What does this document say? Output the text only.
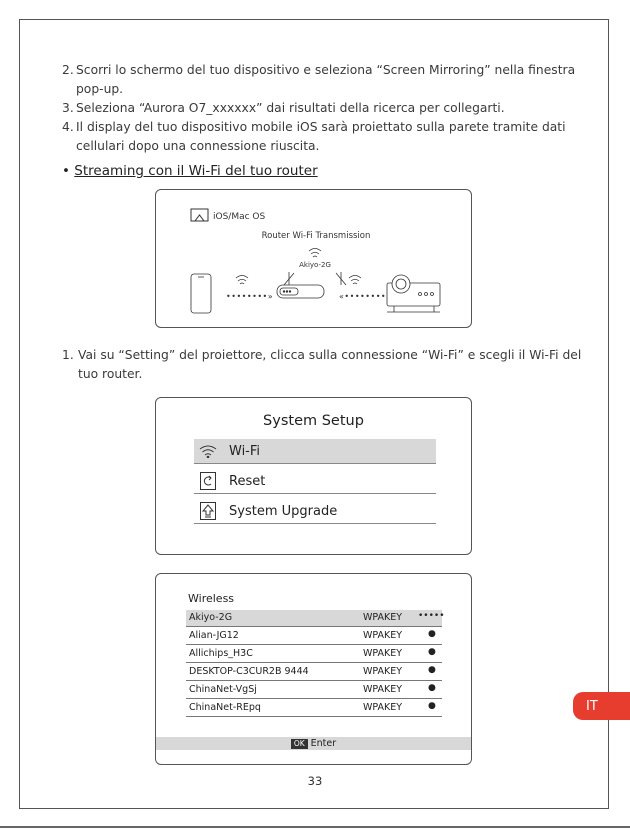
2. Scorri lo schermo del tuo dispositivo e seleziona “Screen Mirroring” nella finestra pop-up.
3. Seleziona “Aurora O7_xxxxxx” dai risultati della ricerca per collegarti.
4. Il display del tuo dispositivo mobile iOS sarà proiettato sulla parete tramite dati cellulari dopo una connessione riuscita.
• Streaming con il Wi-Fi del tuo router
iOS/Mac OS
Router Wi-Fi Transmission
Akiyo-2G
••••••••»	«••••••••
1. Vai su “Setting” del proiettore, clicca sulla connessione “Wi-Fi” e scegli il Wi-Fi del tuo router.
System Setup
Wi-Fi
Reset
System Upgrade
Wireless
Akiyo-2G	WPAKEY •••••
Alian-JG12	WPAKEY	●
Allichips_H3C	WPAKEY	●
DESKTOP-C3CUR2B 9444	WPAKEY	●
ChinaNet-VgSj	WPAKEY	●
ChinaNet-REpq	WPAKEY	●
OK Enter
33
IT
